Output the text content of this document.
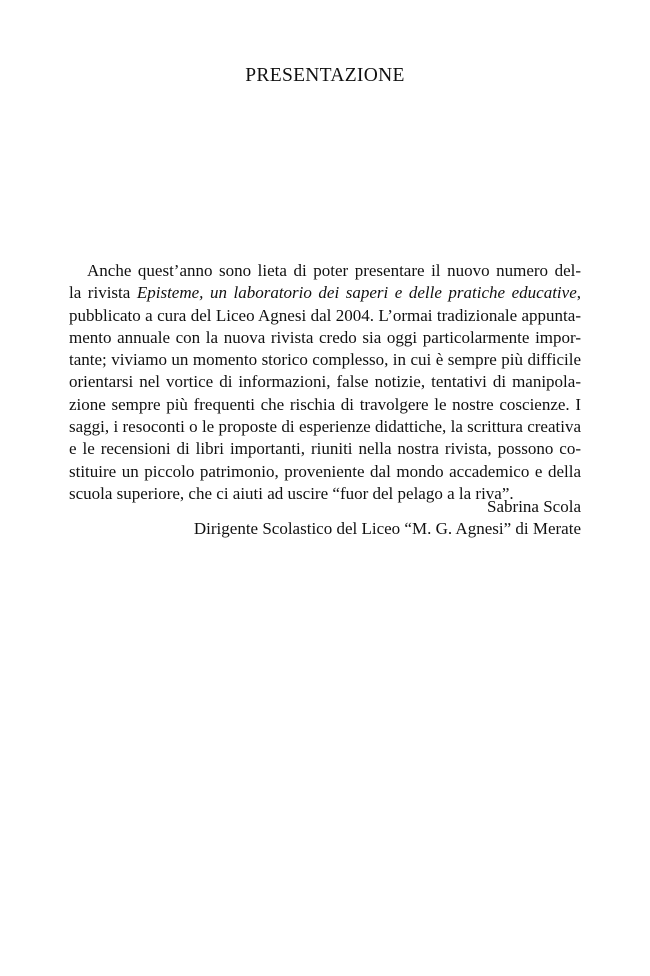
PRESENTAZIONE
Anche quest’anno sono lieta di poter presentare il nuovo numero del-
la rivista Episteme, un laboratorio dei saperi e delle pratiche educative,
pubblicato a cura del Liceo Agnesi dal 2004. L’ormai tradizionale appunta-
mento annuale con la nuova rivista credo sia oggi particolarmente impor-
tante; viviamo un momento storico complesso, in cui è sempre più difficile
orientarsi nel vortice di informazioni, false notizie, tentativi di manipola-
zione sempre più frequenti che rischia di travolgere le nostre coscienze. I
saggi, i resoconti o le proposte di esperienze didattiche, la scrittura creativa
e le recensioni di libri importanti, riuniti nella nostra rivista, possono co-
stituire un piccolo patrimonio, proveniente dal mondo accademico e della
scuola superiore, che ci aiuti ad uscire “fuor del pelago a la riva”.
Sabrina Scola
Dirigente Scolastico del Liceo “M. G. Agnesi” di Merate
